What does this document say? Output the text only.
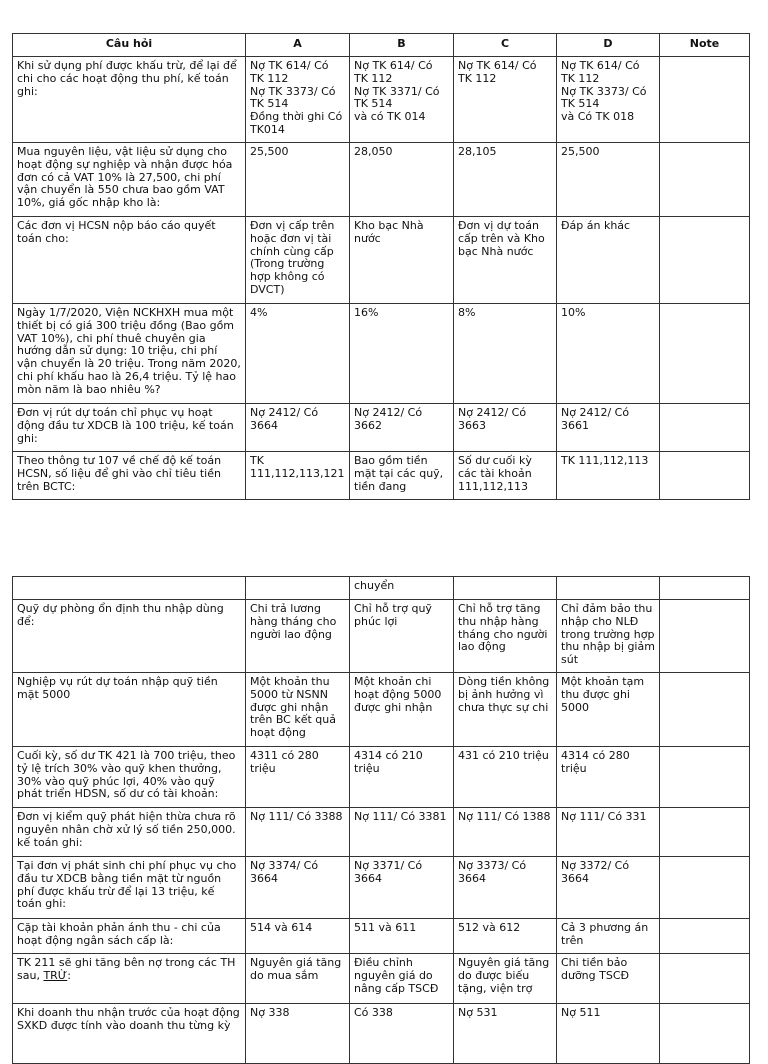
Câu hỏi	A	B	C	D	Note
Khi sử dụng phí được khấu trừ, để lại để chi cho các hoạt động thu phí, kế toán ghi:	Nợ TK 614/ Có TK 112
Nợ TK 3373/ Có TK 514
Đồng thời ghi Có TK014	Nợ TK 614/ Có TK 112
Nợ TK 3371/ Có TK 514
và có TK 014	Nợ TK 614/ Có TK 112	Nợ TK 614/ Có TK 112
Nợ TK 3373/ Có TK 514
và Có TK 018	
Mua nguyên liệu, vật liệu sử dụng cho hoạt động sự nghiệp và nhận được hóa đơn có cả VAT 10% là 27,500, chi phí vận chuyển là 550 chưa bao gồm VAT 10%, giá gốc nhập kho là:	25,500	28,050	28,105	25,500	
Các đơn vị HCSN nộp báo cáo quyết toán cho:	Đơn vị cấp trên hoặc đơn vị tài chính cùng cấp (Trong trường hợp không có DVCT)	Kho bạc Nhà nước	Đơn vị dự toán cấp trên và Kho bạc Nhà nước	Đáp án khác	
Ngày 1/7/2020, Viện NCKHXH mua một thiết bị có giá 300 triệu đồng (Bao gồm VAT 10%), chi phí thuê chuyên gia hướng dẫn sử dụng: 10 triệu, chi phí vận chuyển là 20 triệu. Trong năm 2020, chi phí khấu hao là 26,4 triệu. Tỷ lệ hao mòn năm là bao nhiêu %?	4%	16%	8%	10%	
Đơn vị rút dự toán chỉ phục vụ hoạt động đầu tư XDCB là 100 triệu, kế toán ghi:	Nợ 2412/ Có 3664	Nợ 2412/ Có 3662	Nợ 2412/ Có 3663	Nợ 2412/ Có 3661	
Theo thông tư 107 về chế độ kế toán HCSN, số liệu để ghi vào chỉ tiêu tiền trên BCTC:	TK 111,112,113,121	Bao gồm tiền mặt tại các quỹ, tiền đang	Số dư cuối kỳ các tài khoản 111,112,113	TK 111,112,113	
		chuyển			
Quỹ dự phòng ổn định thu nhập dùng để:	Chi trả lương hàng tháng cho người lao động	Chỉ hỗ trợ quỹ phúc lợi	Chỉ hỗ trợ tăng thu nhập hàng tháng cho người lao động	Chỉ đảm bảo thu nhập cho NLĐ trong trường hợp thu nhập bị giảm sút	
Nghiệp vụ rút dự toán nhập quỹ tiền mặt 5000	Một khoản thu 5000 từ NSNN được ghi nhận trên BC kết quả hoạt động	Một khoản chi hoạt động 5000 được ghi nhận	Dòng tiền không bị ảnh hưởng vì chưa thực sự chi	Một khoản tạm thu được ghi 5000	
Cuối kỳ, số dư TK 421 là 700 triệu, theo tỷ lệ trích 30% vào quỹ khen thưởng, 30% vào quỹ phúc lợi, 40% vào quỹ phát triển HDSN, số dư có tài khoản:	4311 có 280 triệu	4314 có 210 triệu	431 có 210 triệu	4314 có 280 triệu	
Đơn vị kiểm quỹ phát hiện thừa chưa rõ nguyên nhân chờ xử lý số tiền 250,000. kế toán ghi:	Nợ 111/ Có 3388	Nợ 111/ Có 3381	Nợ 111/ Có 1388	Nợ 111/ Có 331	
Tại đơn vị phát sinh chi phí phục vụ cho đầu tư XDCB bằng tiền mặt từ nguồn phí được khấu trừ để lại 13 triệu, kế toán ghi:	Nợ 3374/ Có 3664	Nợ 3371/ Có 3664	Nợ 3373/ Có 3664	Nợ 3372/ Có 3664	
Cặp tài khoản phản ánh thu - chi của hoạt động ngân sách cấp là:	514 và 614	511 và 611	512 và 612	Cả 3 phương án trên	
TK 211 sẽ ghi tăng bên nợ trong các TH sau, TRỪ:	Nguyên giá tăng do mua sắm	Điều chỉnh nguyên giá do nâng cấp TSCĐ	Nguyên giá tăng do được biếu tặng, viện trợ	Chi tiền bảo dưỡng TSCĐ	
Khi doanh thu nhận trước của hoạt động SXKD được tính vào doanh thu từng kỳ	Nợ 338	Có 338	Nợ 531	Nợ 511	
